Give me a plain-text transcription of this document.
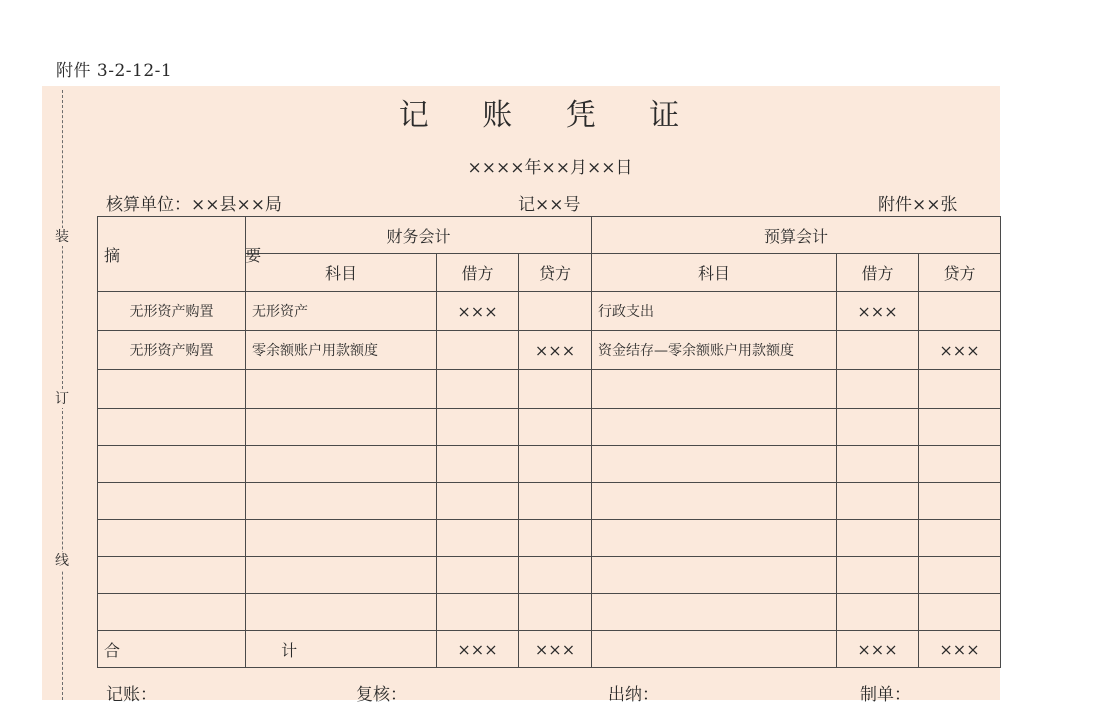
附件 3-2-12-1
装
订
线
记 账 凭 证
××××年××月××日
核算单位：××县××局	记××号	附件××张
摘 要	财务会计			预算会计		
	科目	借方	贷方	科目	借方	贷方
无形资产购置	无形资产	×××		行政支出	×××	
无形资产购置	零余额账户用款额度		×××	资金结存—零余额账户用款额度		×××

合 计		×××	×××		×××	×××
记账：	复核：	出纳：	制单：
